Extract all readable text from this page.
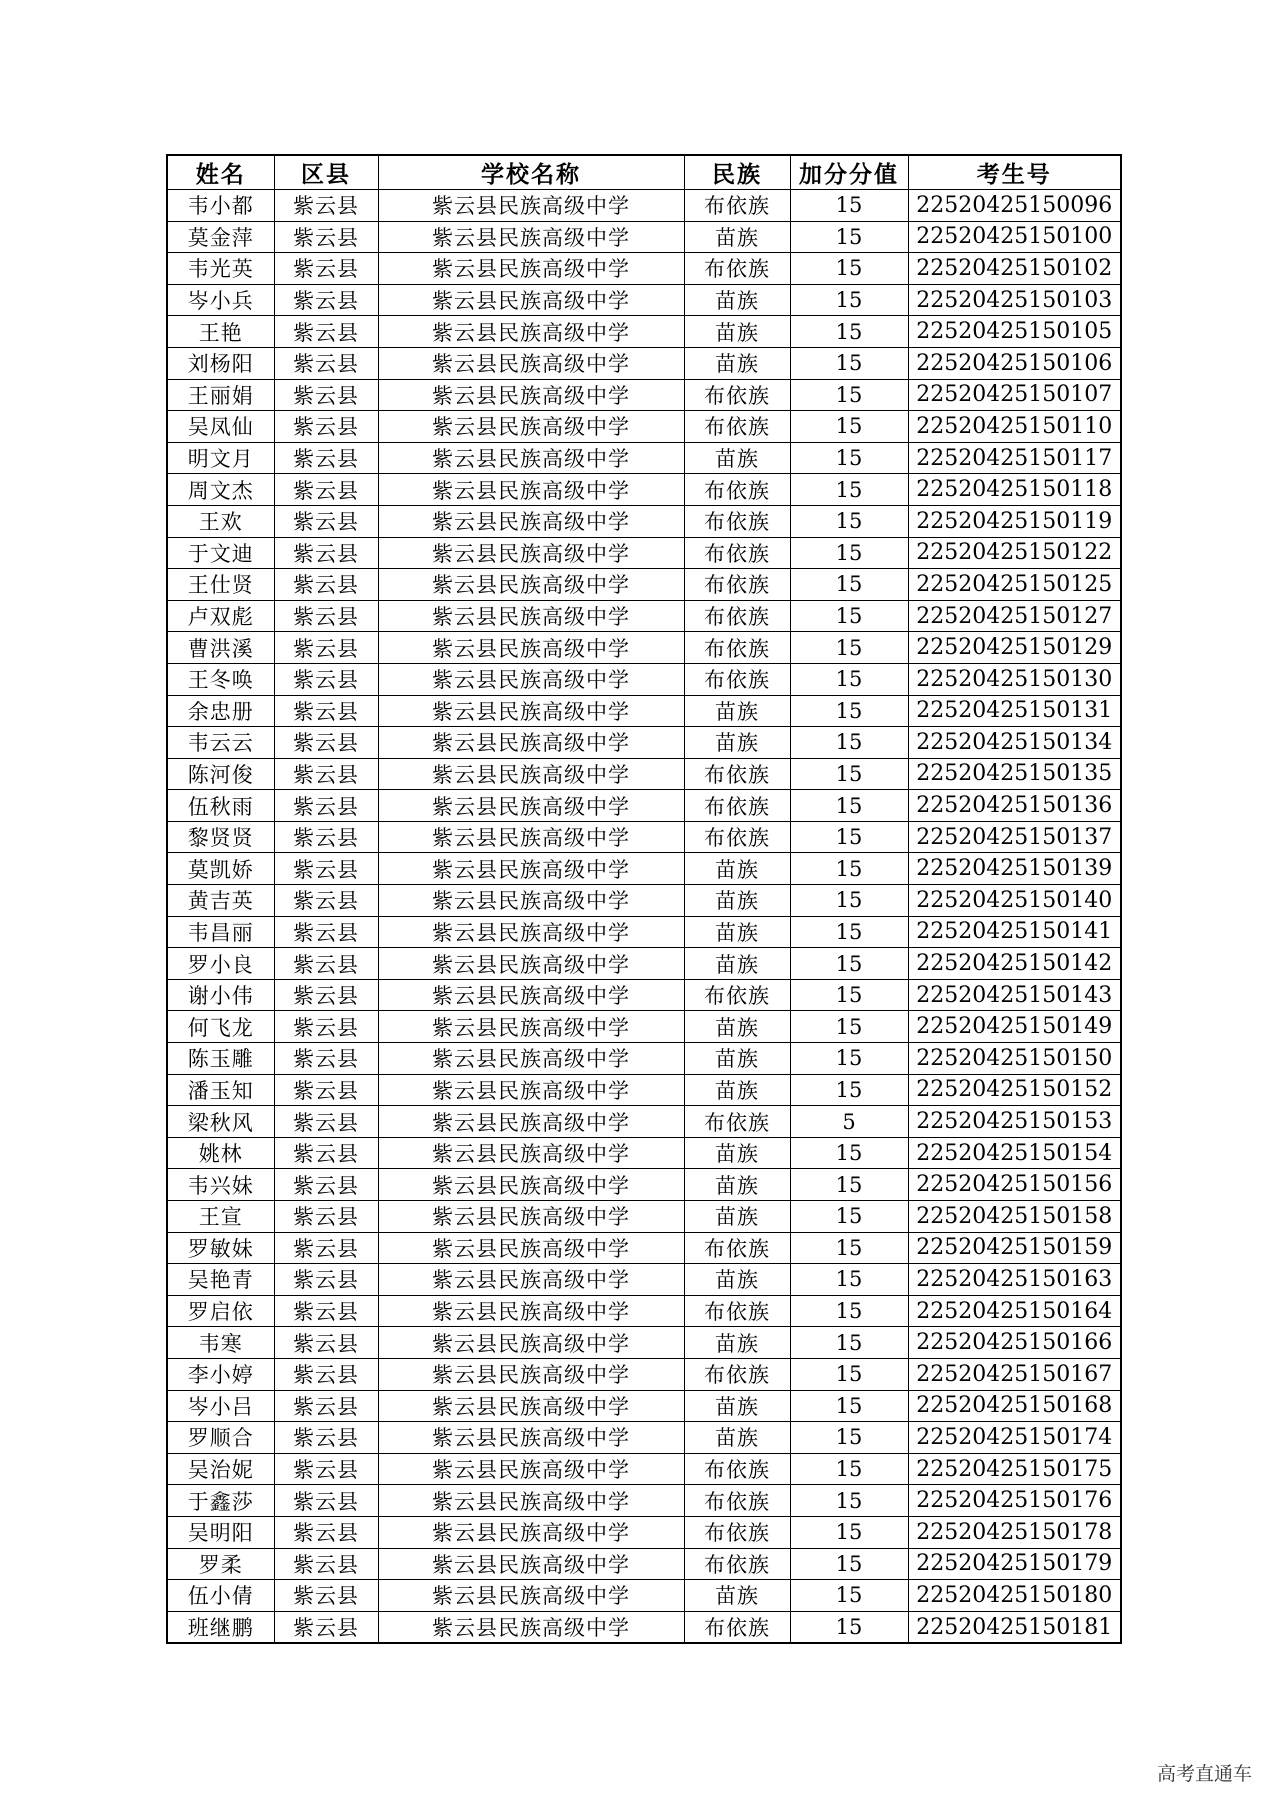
姓名	区县	学校名称	民族	加分分值	考生号
韦小都	紫云县	紫云县民族高级中学	布依族	15	22520425150096
莫金萍	紫云县	紫云县民族高级中学	苗族	15	22520425150100
韦光英	紫云县	紫云县民族高级中学	布依族	15	22520425150102
岑小兵	紫云县	紫云县民族高级中学	苗族	15	22520425150103
王艳	紫云县	紫云县民族高级中学	苗族	15	22520425150105
刘杨阳	紫云县	紫云县民族高级中学	苗族	15	22520425150106
王丽娟	紫云县	紫云县民族高级中学	布依族	15	22520425150107
吴凤仙	紫云县	紫云县民族高级中学	布依族	15	22520425150110
明文月	紫云县	紫云县民族高级中学	苗族	15	22520425150117
周文杰	紫云县	紫云县民族高级中学	布依族	15	22520425150118
王欢	紫云县	紫云县民族高级中学	布依族	15	22520425150119
于文迪	紫云县	紫云县民族高级中学	布依族	15	22520425150122
王仕贤	紫云县	紫云县民族高级中学	布依族	15	22520425150125
卢双彪	紫云县	紫云县民族高级中学	布依族	15	22520425150127
曹洪溪	紫云县	紫云县民族高级中学	布依族	15	22520425150129
王冬唤	紫云县	紫云县民族高级中学	布依族	15	22520425150130
余忠册	紫云县	紫云县民族高级中学	苗族	15	22520425150131
韦云云	紫云县	紫云县民族高级中学	苗族	15	22520425150134
陈河俊	紫云县	紫云县民族高级中学	布依族	15	22520425150135
伍秋雨	紫云县	紫云县民族高级中学	布依族	15	22520425150136
黎贤贤	紫云县	紫云县民族高级中学	布依族	15	22520425150137
莫凯娇	紫云县	紫云县民族高级中学	苗族	15	22520425150139
黄吉英	紫云县	紫云县民族高级中学	苗族	15	22520425150140
韦昌丽	紫云县	紫云县民族高级中学	苗族	15	22520425150141
罗小良	紫云县	紫云县民族高级中学	苗族	15	22520425150142
谢小伟	紫云县	紫云县民族高级中学	布依族	15	22520425150143
何飞龙	紫云县	紫云县民族高级中学	苗族	15	22520425150149
陈玉雕	紫云县	紫云县民族高级中学	苗族	15	22520425150150
潘玉知	紫云县	紫云县民族高级中学	苗族	15	22520425150152
梁秋风	紫云县	紫云县民族高级中学	布依族	5	22520425150153
姚林	紫云县	紫云县民族高级中学	苗族	15	22520425150154
韦兴妹	紫云县	紫云县民族高级中学	苗族	15	22520425150156
王宣	紫云县	紫云县民族高级中学	苗族	15	22520425150158
罗敏妹	紫云县	紫云县民族高级中学	布依族	15	22520425150159
吴艳青	紫云县	紫云县民族高级中学	苗族	15	22520425150163
罗启依	紫云县	紫云县民族高级中学	布依族	15	22520425150164
韦寒	紫云县	紫云县民族高级中学	苗族	15	22520425150166
李小婷	紫云县	紫云县民族高级中学	布依族	15	22520425150167
岑小吕	紫云县	紫云县民族高级中学	苗族	15	22520425150168
罗顺合	紫云县	紫云县民族高级中学	苗族	15	22520425150174
吴治妮	紫云县	紫云县民族高级中学	布依族	15	22520425150175
于鑫莎	紫云县	紫云县民族高级中学	布依族	15	22520425150176
吴明阳	紫云县	紫云县民族高级中学	布依族	15	22520425150178
罗柔	紫云县	紫云县民族高级中学	布依族	15	22520425150179
伍小倩	紫云县	紫云县民族高级中学	苗族	15	22520425150180
班继鹏	紫云县	紫云县民族高级中学	布依族	15	22520425150181
高考直通车
